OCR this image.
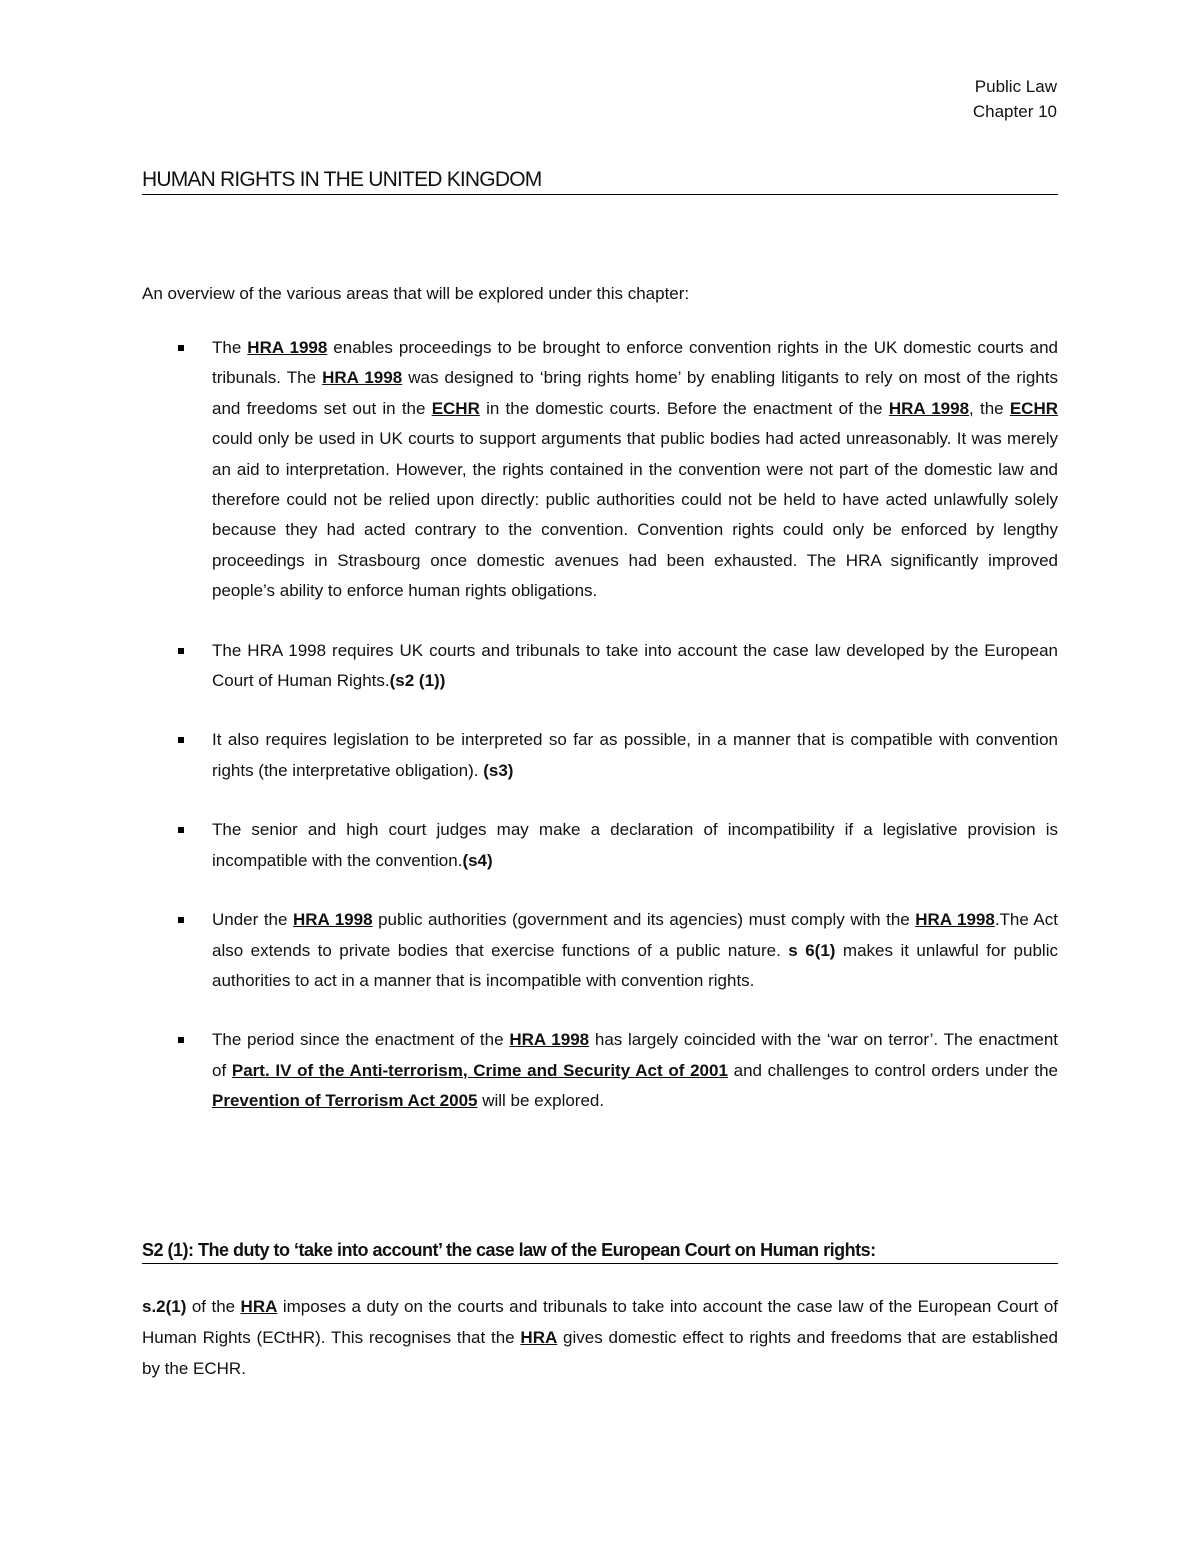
Public Law
Chapter 10
HUMAN RIGHTS IN THE UNITED KINGDOM
An overview of the various areas that will be explored under this chapter:
The HRA 1998 enables proceedings to be brought to enforce convention rights in the UK domestic courts and tribunals. The HRA 1998 was designed to ‘bring rights home’ by enabling litigants to rely on most of the rights and freedoms set out in the ECHR in the domestic courts. Before the enactment of the HRA 1998, the ECHR could only be used in UK courts to support arguments that public bodies had acted unreasonably. It was merely an aid to interpretation. However, the rights contained in the convention were not part of the domestic law and therefore could not be relied upon directly: public authorities could not be held to have acted unlawfully solely because they had acted contrary to the convention. Convention rights could only be enforced by lengthy proceedings in Strasbourg once domestic avenues had been exhausted. The HRA significantly improved people’s ability to enforce human rights obligations.
The HRA 1998 requires UK courts and tribunals to take into account the case law developed by the European Court of Human Rights.(s2 (1))
It also requires legislation to be interpreted so far as possible, in a manner that is compatible with convention rights (the interpretative obligation). (s3)
The senior and high court judges may make a declaration of incompatibility if a legislative provision is incompatible with the convention.(s4)
Under the HRA 1998 public authorities (government and its agencies) must comply with the HRA 1998.The Act also extends to private bodies that exercise functions of a public nature. s 6(1) makes it unlawful for public authorities to act in a manner that is incompatible with convention rights.
The period since the enactment of the HRA 1998 has largely coincided with the ‘war on terror’. The enactment of Part. IV of the Anti-terrorism, Crime and Security Act of 2001 and challenges to control orders under the Prevention of Terrorism Act 2005 will be explored.
S2 (1): The duty to ‘take into account’ the case law of the European Court on Human rights:
s.2(1) of the HRA imposes a duty on the courts and tribunals to take into account the case law of the European Court of Human Rights (ECtHR). This recognises that the HRA gives domestic effect to rights and freedoms that are established by the ECHR.
